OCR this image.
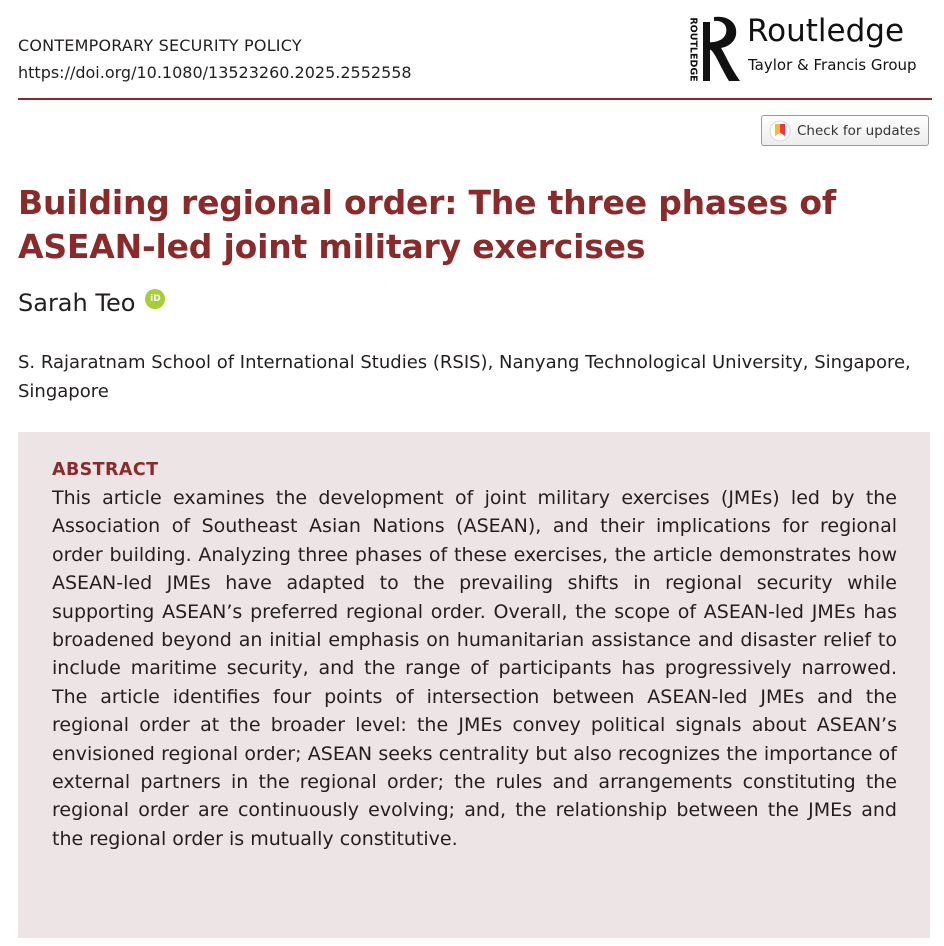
CONTEMPORARY SECURITY POLICY
https://doi.org/10.1080/13523260.2025.2552558	ROUTLEDGE Routledge
Taylor & Francis Group
Check for updates
Building regional order: The three phases of ASEAN-led joint military exercises
Sarah Teo	iD

S. Rajaratnam School of International Studies (RSIS), Nanyang Technological University, Singapore, Singapore

ABSTRACT

This article examines the development of joint military exercises (JMEs) led by the Association of Southeast Asian Nations (ASEAN), and their implications for regional order building. Analyzing three phases of these exercises, the article demonstrates how ASEAN-led JMEs have adapted to the prevailing shifts in regional security while supporting ASEAN’s preferred regional order. Overall, the scope of ASEAN-led JMEs has broadened beyond an initial emphasis on humanitarian assistance and disaster relief to include maritime security, and the range of participants has progressively narrowed. The article identifies four points of intersection between ASEAN-led JMEs and the regional order at the broader level: the JMEs convey political signals about ASEAN’s envisioned regional order; ASEAN seeks centrality but also recognizes the importance of external partners in the regional order; the rules and arrangements constituting the regional order are continuously evolving; and, the relationship between the JMEs and the regional order is mutually constitutive.
